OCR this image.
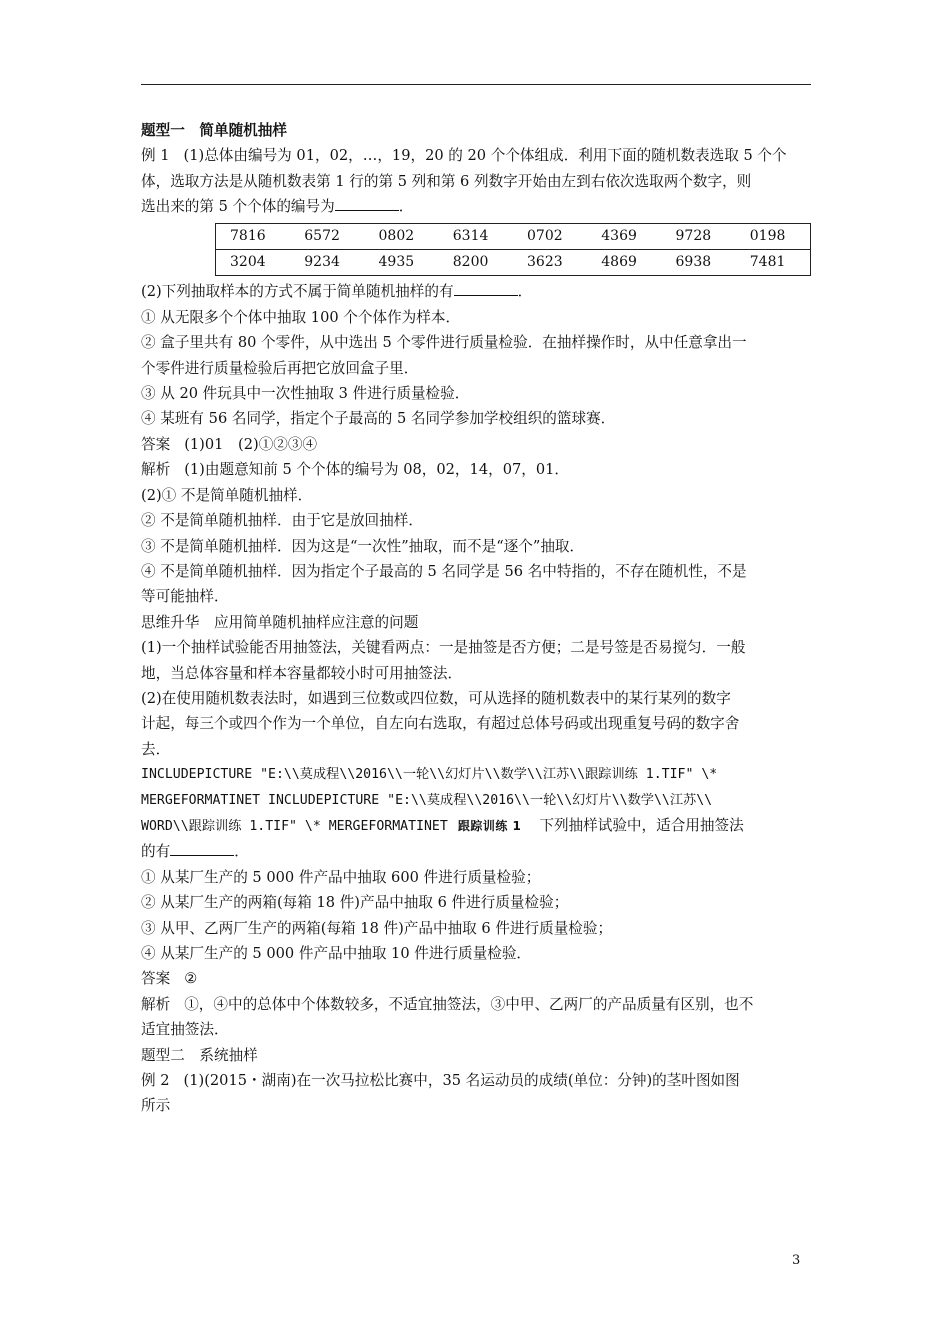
题型一　简单随机抽样

例 1 (1)总体由编号为 01，02，…，19，20 的 20 个个体组成．利用下面的随机数表选取 5 个个

体，选取方法是从随机数表第 1 行的第 5 列和第 6 列数字开始由左到右依次选取两个数字，则

选出来的第 5 个个体的编号为	．

7816	6572	0802	6314	0702	4369	9728	0198
3204	9234	4935	8200	3623	4869	6938	7481

(2)下列抽取样本的方式不属于简单随机抽样的有	．

① 从无限多个个体中抽取 100 个个体作为样本．

② 盒子里共有 80 个零件，从中选出 5 个零件进行质量检验．在抽样操作时，从中任意拿出一

个零件进行质量检验后再把它放回盒子里．

③ 从 20 件玩具中一次性抽取 3 件进行质量检验．

④ 某班有 56 名同学，指定个子最高的 5 名同学参加学校组织的篮球赛．

答案 (1)01　(2)①②③④

解析 (1)由题意知前 5 个个体的编号为 08，02，14，07，01．

(2)① 不是简单随机抽样．

② 不是简单随机抽样．由于它是放回抽样．

③ 不是简单随机抽样．因为这是“一次性”抽取，而不是“逐个”抽取．

④ 不是简单随机抽样．因为指定个子最高的 5 名同学是 56 名中特指的，不存在随机性，不是

等可能抽样．

思维升华　应用简单随机抽样应注意的问题

(1)一个抽样试验能否用抽签法，关键看两点：一是抽签是否方便；二是号签是否易搅匀．一般

地，当总体容量和样本容量都较小时可用抽签法．

(2)在使用随机数表法时，如遇到三位数或四位数，可从选择的随机数表中的某行某列的数字

计起，每三个或四个作为一个单位，自左向右选取，有超过总体号码或出现重复号码的数字舍

去．

INCLUDEPICTURE "E:\\莫成程\\2016\\一轮\\幻灯片\\数学\\江苏\\跟踪训练 1.TIF" \*

MERGEFORMATINET INCLUDEPICTURE "E:\\莫成程\\2016\\一轮\\幻灯片\\数学\\江苏\\

WORD\\跟踪训练 1.TIF" \* MERGEFORMATINET 跟踪训练 1 下列抽样试验中，适合用抽签法

的有	．

① 从某厂生产的 5 000 件产品中抽取 600 件进行质量检验；

② 从某厂生产的两箱(每箱 18 件)产品中抽取 6 件进行质量检验；

③ 从甲、乙两厂生产的两箱(每箱 18 件)产品中抽取 6 件进行质量检验；

④ 从某厂生产的 5 000 件产品中抽取 10 件进行质量检验．

答案 ②

解析 ①，④中的总体中个体数较多，不适宜抽签法，③中甲、乙两厂的产品质量有区别，也不

适宜抽签法．

题型二　系统抽样

例 2 (1)(2015・湖南)在一次马拉松比赛中，35 名运动员的成绩(单位：分钟)的茎叶图如图

所示

3
